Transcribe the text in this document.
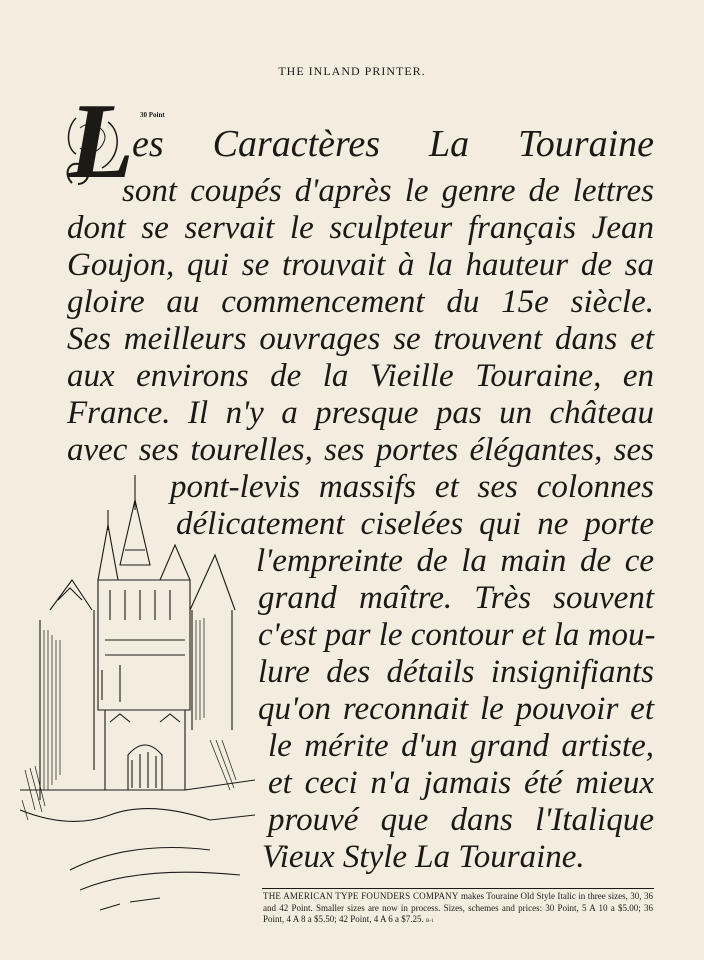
THE INLAND PRINTER.
L 30 Point
es Caractères La Touraine
sont coupés d'après le genre de lettres
dont se servait le sculpteur français Jean
Goujon, qui se trouvait à la hauteur de sa
gloire au commencement du 15e siècle.
Ses meilleurs ouvrages se trouvent dans et
aux environs de la Vieille Touraine, en
France. Il n'y a presque pas un château
avec ses tourelles, ses portes élégantes, ses
pont-levis massifs et ses colonnes
délicatement ciselées qui ne porte
l'empreinte de la main de ce
grand maître. Très souvent
c'est par le contour et la mou-
lure des détails insignifiants
qu'on reconnait le pouvoir et
le mérite d'un grand artiste,
et ceci n'a jamais été mieux
prouvé que dans l'Italique
Vieux Style La Touraine.
THE AMERICAN TYPE FOUNDERS COMPANY makes Touraine Old Style Italic in three sizes, 30, 36 and 42 Point. Smaller sizes are now in process. Sizes, schemes and prices: 30 Point, 5 A 10 a $5.00; 36 Point, 4 A 8 a $5.50; 42 Point, 4 A 6 a $7.25. B-1
